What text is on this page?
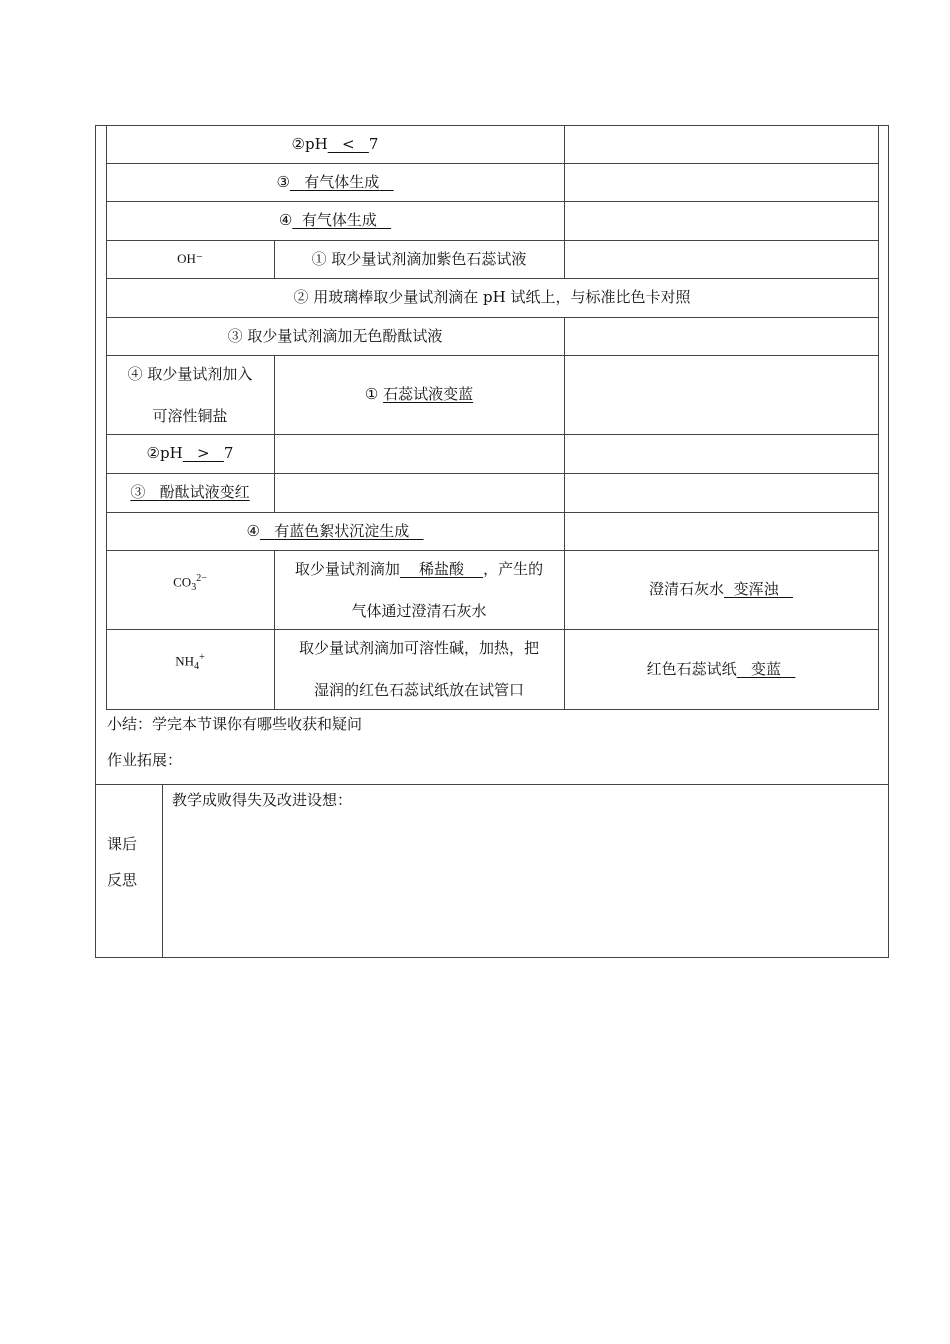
②pH < 7
③ 有气体生成
④ 有气体生成
OH⁻	① 取少量试剂滴加紫色石蕊试液
② 用玻璃棒取少量试剂滴在 pH 试纸上，与标准比色卡对照
③ 取少量试剂滴加无色酚酞试液
④ 取少量试剂加入
可溶性铜盐
①
石蕊试液变蓝
②pH > 7
③ 酚酞试液变红
④ 有蓝色絮状沉淀生成
$CO_3^{2-}$
取少量试剂滴加 稀盐酸 ，产生的
气体通过澄清石灰水
澄清石灰水 变浑浊
$NH_4^+$
取少量试剂滴加可溶性碱，加热，把
湿润的红色石蕊试纸放在试管口
红色石蕊试纸 变蓝
小结：学完本节课你有哪些收获和疑问
作业拓展：
课后
反思
教学成败得失及改进设想：
